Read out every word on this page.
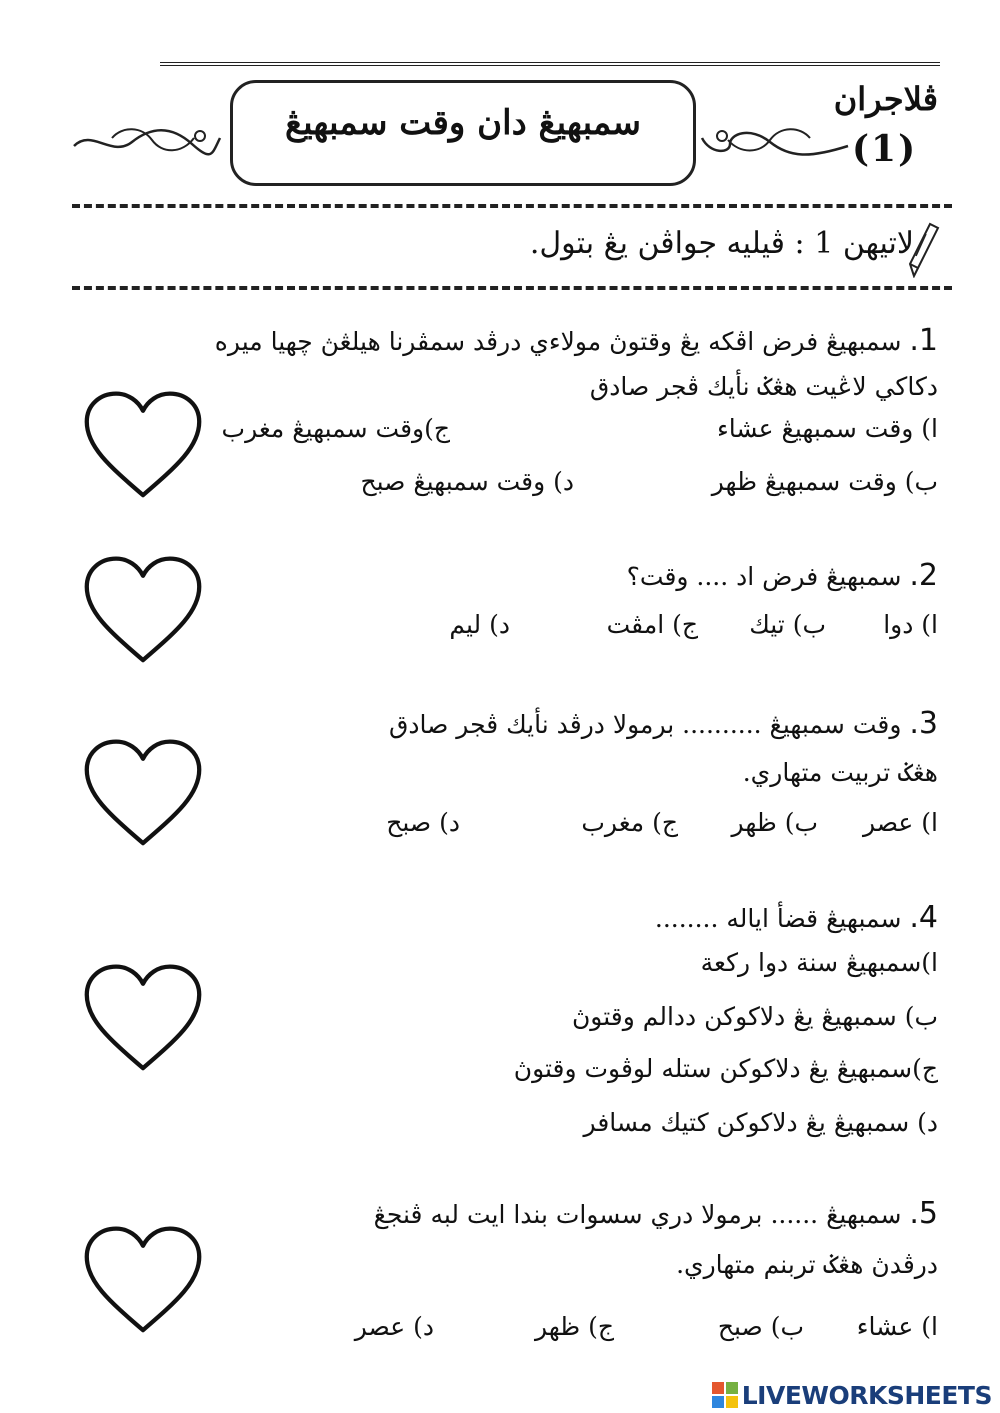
سمبهيڠ دان وقت سمبهيڠ
ڤلاجران
(1)
لاتيهن 1 : ڤيليه جواڤن يڠ بتول.
1. سمبهيڠ فرض اڤكه يڠ وقتوڽ مولاءي درڤد سمڤرنا هيلڠڽ چهيا ميره
دكاكي لاڠيت هڠݢ نأيك ڤجر صادق
ا) وقت سمبهيڠ عشاء
ج)وقت سمبهيڠ مغرب
ب) وقت سمبهيڠ ظهر
د) وقت سمبهيڠ صبح
2. سمبهيڠ فرض اد .... وقت؟
ا) دوا
ب) تيك
ج) امڤت
د) ليم
3. وقت سمبهيڠ .......... برمولا درڤد نأيك ڤجر صادق
هڠݢ تربيت متهاري.
ا) عصر
ب) ظهر
ج) مغرب
د) صبح
4. سمبهيڠ قضأ اياله ........
ا)سمبهيڠ سنة دوا ركعة
ب) سمبهيڠ يڠ دلاكوكن ددالم وقتوڽ
ج)سمبهيڠ يڠ دلاكوكن ستله لوڤوت وقتوڽ
د) سمبهيڠ يڠ دلاكوكن كتيك مسافر
5. سمبهيڠ ...... برمولا دري سسوات بندا ايت لبه ڤنجڠ
درڤدڽ هڠݢ تربنم متهاري.
ا) عشاء
ب) صبح
ج) ظهر
د) عصر
LIVEWORKSHEETS
